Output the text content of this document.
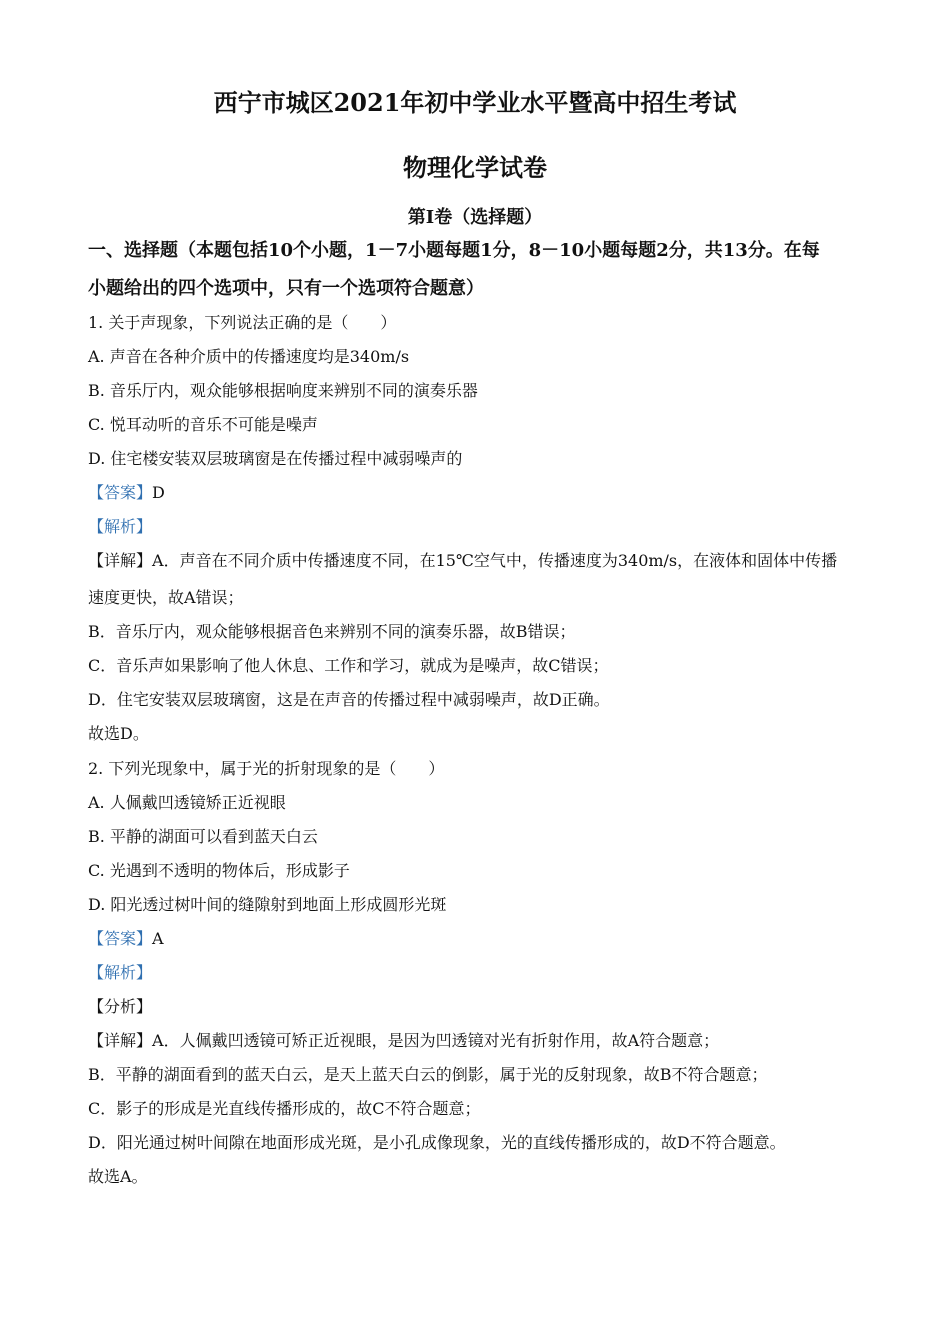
西宁市城区2021年初中学业水平暨高中招生考试
物理化学试卷
第Ⅰ卷（选择题）
一、选择题（本题包括10个小题，1－7小题每题1分，8－10小题每题2分，共13分。在每
小题给出的四个选项中，只有一个选项符合题意）
1. 关于声现象，下列说法正确的是（　　）
A. 声音在各种介质中的传播速度均是340m/s
B. 音乐厅内，观众能够根据响度来辨别不同的演奏乐器
C. 悦耳动听的音乐不可能是噪声
D. 住宅楼安装双层玻璃窗是在传播过程中减弱噪声的
【答案】D
【解析】
【详解】A．声音在不同介质中传播速度不同，在15℃空气中，传播速度为340m/s，在液体和固体中传播
速度更快，故A错误；
B．音乐厅内，观众能够根据音色来辨别不同的演奏乐器，故B错误；
C．音乐声如果影响了他人休息、工作和学习，就成为是噪声，故C错误；
D．住宅安装双层玻璃窗，这是在声音的传播过程中减弱噪声，故D正确。
故选D。
2. 下列光现象中，属于光的折射现象的是（　　）
A. 人佩戴凹透镜矫正近视眼
B. 平静的湖面可以看到蓝天白云
C. 光遇到不透明的物体后，形成影子
D. 阳光透过树叶间的缝隙射到地面上形成圆形光斑
【答案】A
【解析】
【分析】
【详解】A．人佩戴凹透镜可矫正近视眼，是因为凹透镜对光有折射作用，故A符合题意；
B．平静的湖面看到的蓝天白云，是天上蓝天白云的倒影，属于光的反射现象，故B不符合题意；
C．影子的形成是光直线传播形成的，故C不符合题意；
D．阳光通过树叶间隙在地面形成光斑，是小孔成像现象，光的直线传播形成的，故D不符合题意。
故选A。
